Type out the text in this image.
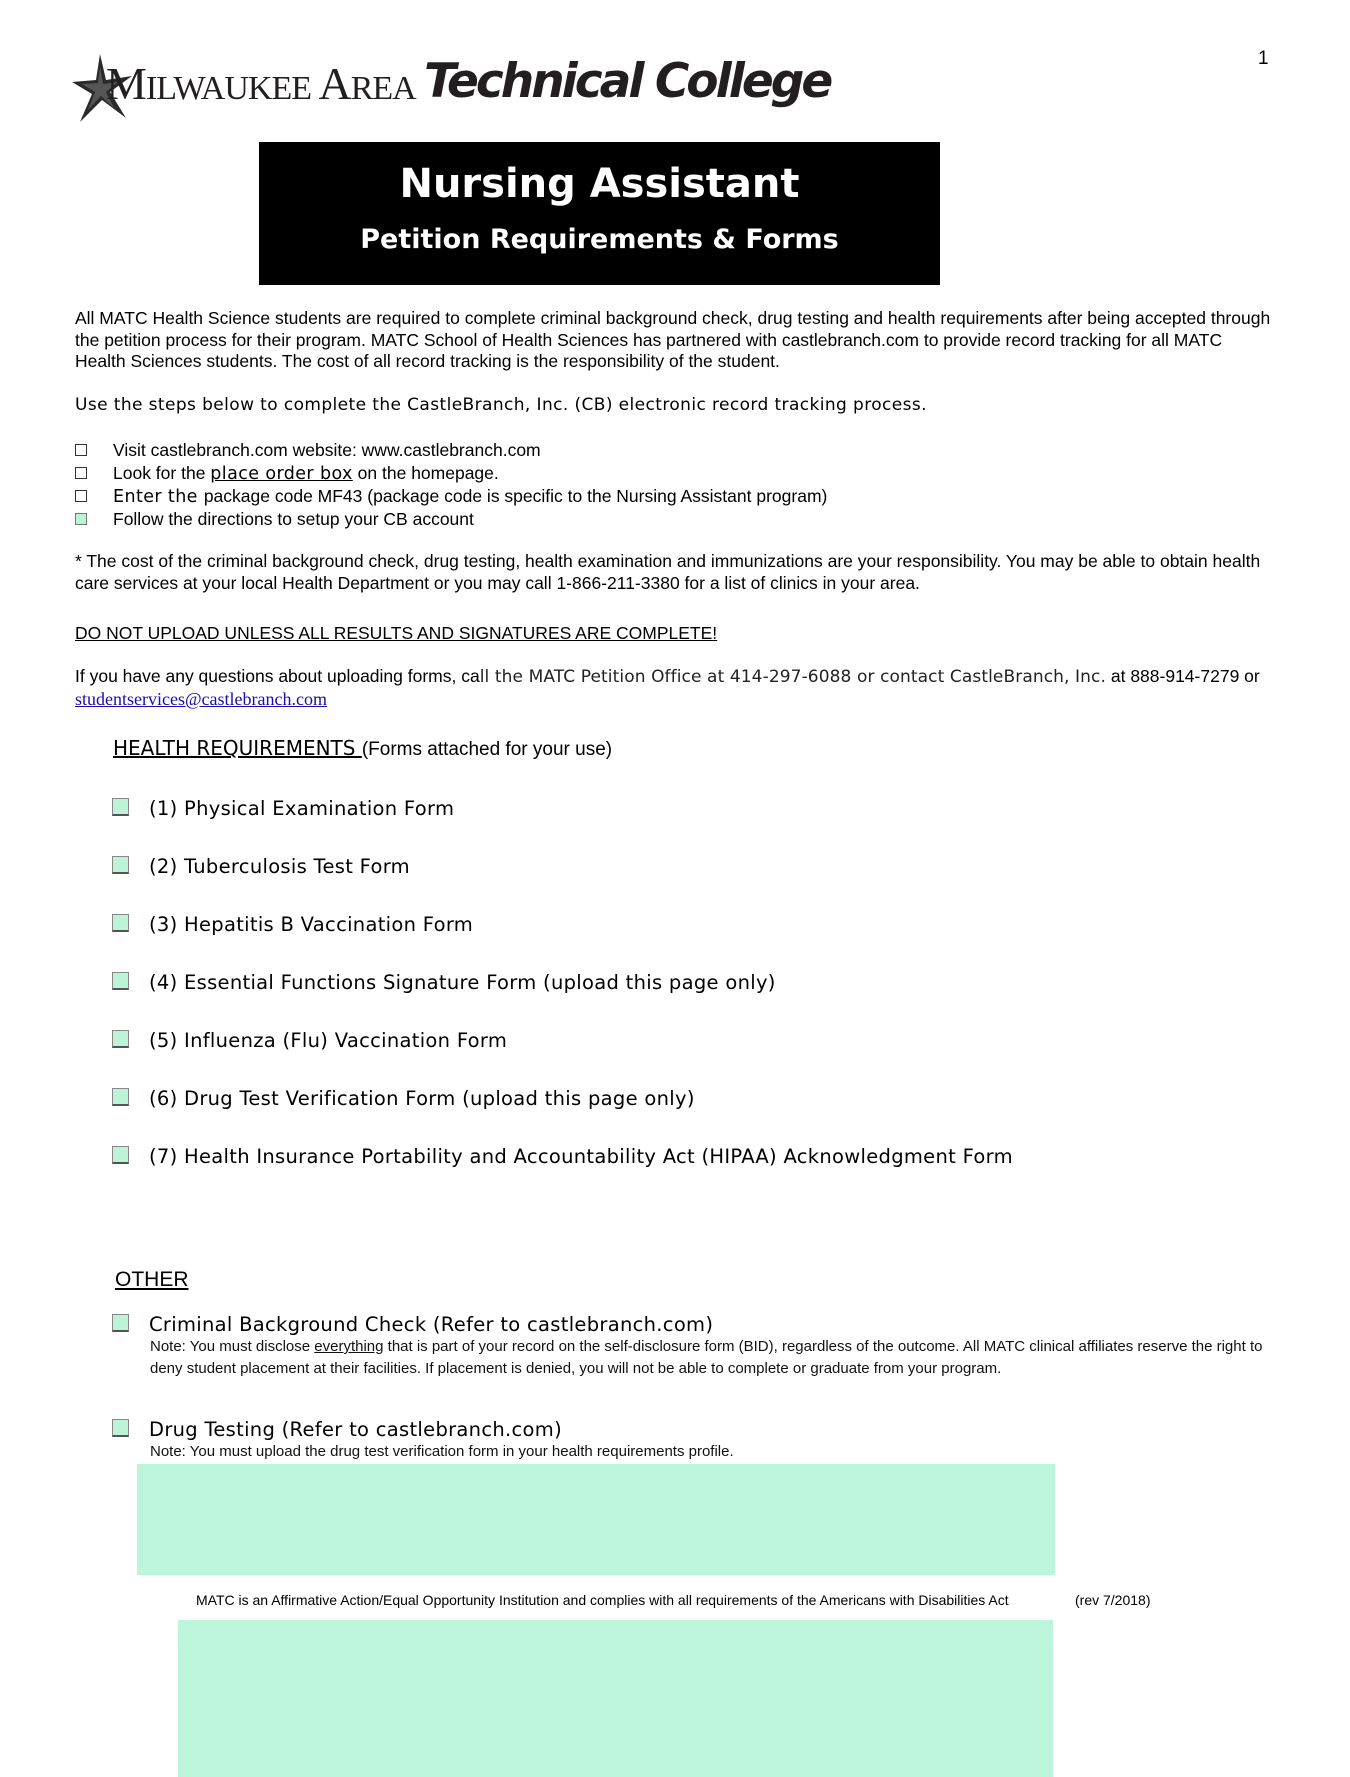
1
MILWAUKEE AREA Technical College
Nursing Assistant
Petition Requirements & Forms
All MATC Health Science students are required to complete criminal background check, drug testing and health requirements after being accepted through the petition process for their program. MATC School of Health Sciences has partnered with castlebranch.com to provide record tracking for all MATC Health Sciences students. The cost of all record tracking is the responsibility of the student.
Use the steps below to complete the CastleBranch, Inc. (CB) electronic record tracking process.
Visit castlebranch.com website: www.castlebranch.com
Look for the place order box on the homepage.
Enter the package code MF43 (package code is specific to the Nursing Assistant program)
Follow the directions to setup your CB account
* The cost of the criminal background check, drug testing, health examination and immunizations are your responsibility. You may be able to obtain health care services at your local Health Department or you may call 1-866-211-3380 for a list of clinics in your area.
DO NOT UPLOAD UNLESS ALL RESULTS AND SIGNATURES ARE COMPLETE!
If you have any questions about uploading forms, call the MATC Petition Office at 414-297-6088 or contact CastleBranch, Inc. at 888-914-7279 or studentservices@castlebranch.com
HEALTH REQUIREMENTS (Forms attached for your use)
(1) Physical Examination Form
(2) Tuberculosis Test Form
(3) Hepatitis B Vaccination Form
(4) Essential Functions Signature Form (upload this page only)
(5) Influenza (Flu) Vaccination Form
(6) Drug Test Verification Form (upload this page only)
(7) Health Insurance Portability and Accountability Act (HIPAA) Acknowledgment Form
OTHER
Criminal Background Check (Refer to castlebranch.com)
Note: You must disclose everything that is part of your record on the self-disclosure form (BID), regardless of the outcome. All MATC clinical affiliates reserve the right to deny student placement at their facilities. If placement is denied, you will not be able to complete or graduate from your program.
Drug Testing (Refer to castlebranch.com)
Note: You must upload the drug test verification form in your health requirements profile.
MATC is an Affirmative Action/Equal Opportunity Institution and complies with all requirements of the Americans with Disabilities Act	(rev 7/2018)
